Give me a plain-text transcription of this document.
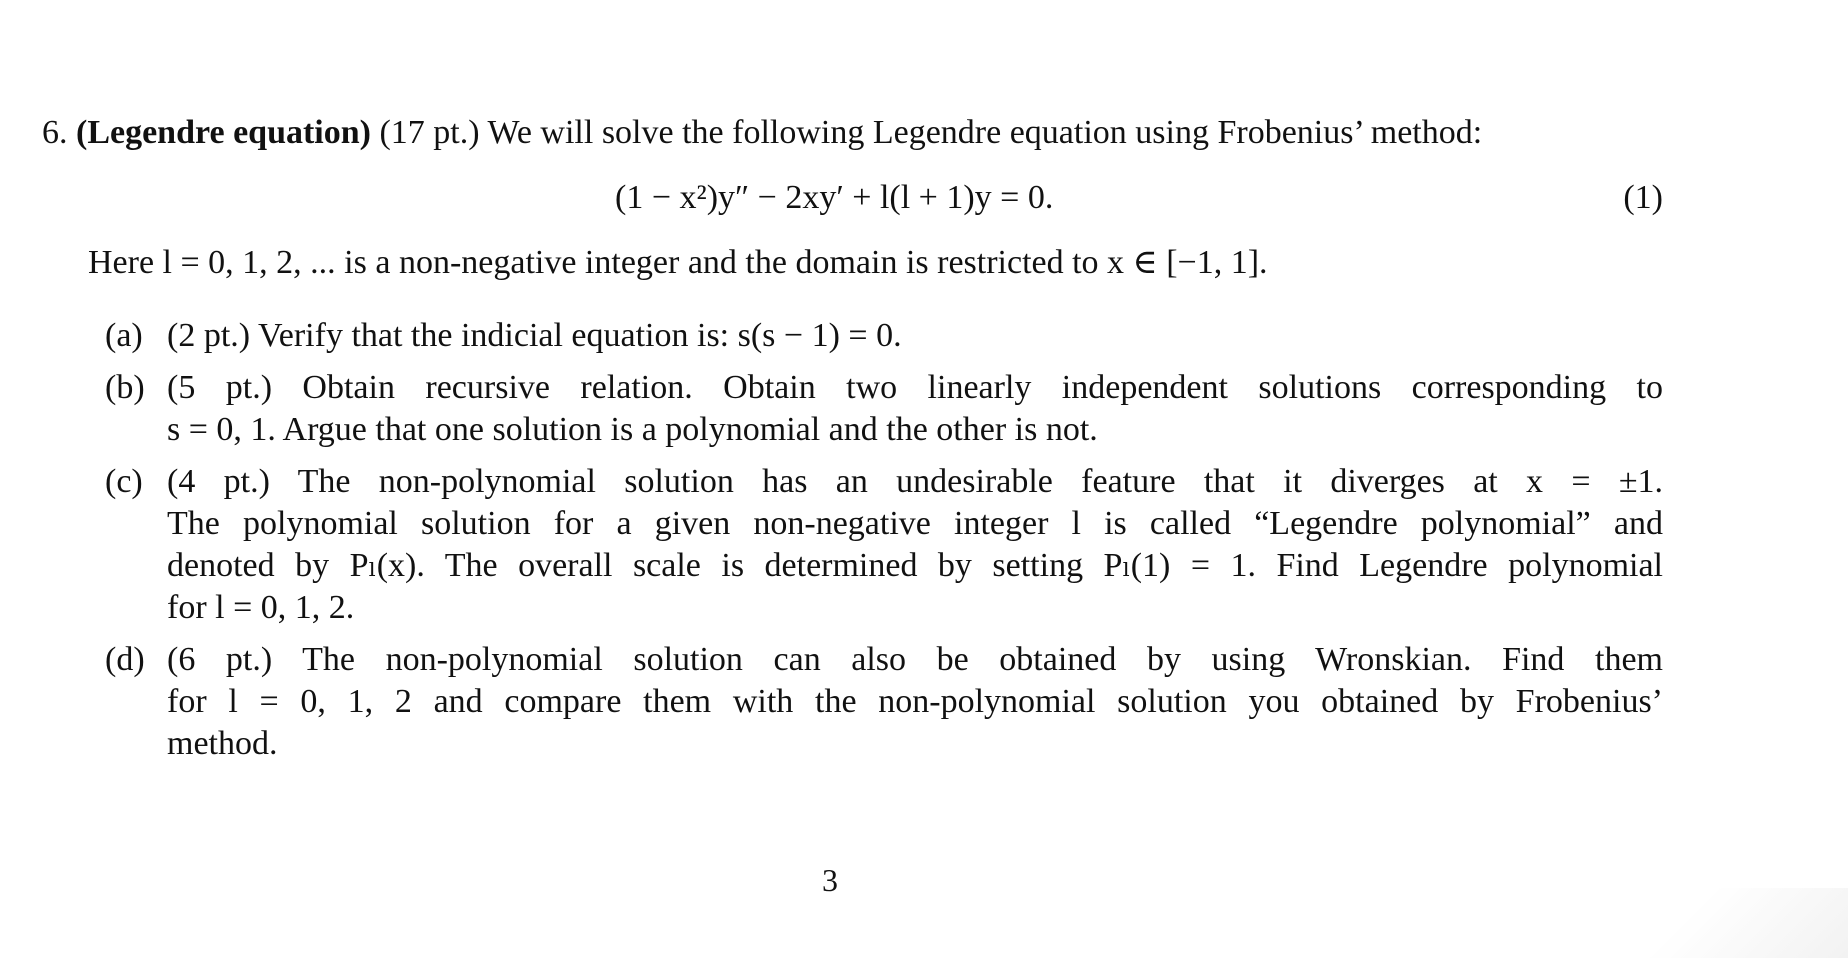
6. (Legendre equation) (17 pt.) We will solve the following Legendre equation using Frobenius’ method:
(1 − x²)y″ − 2xy′ + l(l + 1)y = 0.	(1)
Here l = 0, 1, 2, ... is a non-negative integer and the domain is restricted to x ∈ [−1, 1].
(a) (2 pt.) Verify that the indicial equation is: s(s − 1) = 0.
(b) (5 pt.) Obtain recursive relation. Obtain two linearly independent solutions corresponding to
s = 0, 1. Argue that one solution is a polynomial and the other is not.
(c) (4 pt.) The non-polynomial solution has an undesirable feature that it diverges at x = ±1.
The polynomial solution for a given non-negative integer l is called “Legendre polynomial” and
denoted by Pₗ(x). The overall scale is determined by setting Pₗ(1) = 1. Find Legendre polynomial
for l = 0, 1, 2.
(d) (6 pt.) The non-polynomial solution can also be obtained by using Wronskian. Find them
for l = 0, 1, 2 and compare them with the non-polynomial solution you obtained by Frobenius’
method.
3
